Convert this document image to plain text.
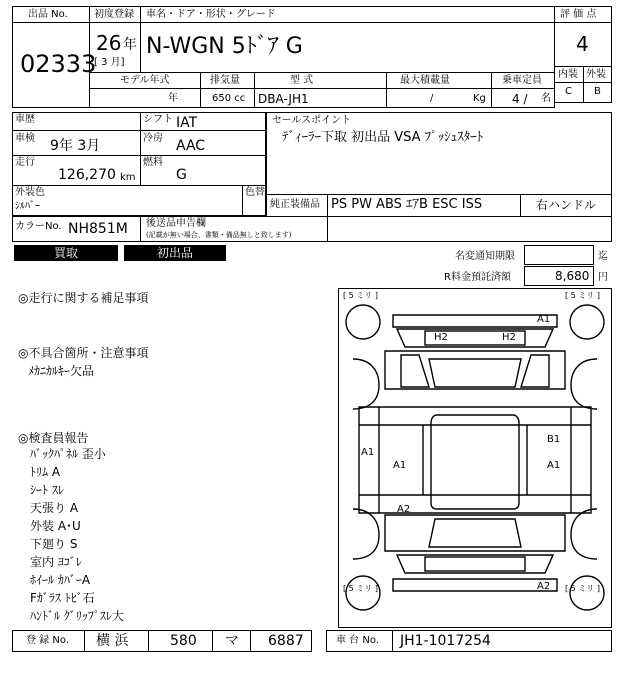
出品 No.
02333
初度登録 車名・ドア・形状・グレード
26 年
[ 3 月]
N-WGN 5ﾄﾞｱ G
評 価 点
4
内装 外装
C B
モデル年式
年
排気量
650 cc
型 式
DBA-JH1
最大積載量
/	Kg
乗車定員
4 / 名
車歴	シフト IAT
車検 9年 3月	冷房 AAC
走行
126,270 km
燃料
G
外装色
ｼﾙﾊﾞｰ
色替
カラーNo. NH851M 後送品申告欄
(記載が無い場合、書類・備品無しと致します)
セールスポイント
ﾃﾞｨｰﾗｰ下取 初出品 VSA ﾌﾟｯｼｭｽﾀｰﾄ
純正装備品 PS PW ABS ｴｱB ESC ISS	右ハンドル
買取	初出品	名変通知期限	迄
R料金預託済額	8,680 円
◎走行に関する補足事項
◎不具合箇所・注意事項
ﾒｶﾆｶﾙｷｰ欠品
◎検査員報告
ﾊﾞｯｸﾊﾟﾈﾙ 歪小
ﾄﾘﾑ A
ｼｰﾄ ｽﾚ
天張り A
外装 A･U
下廻り S
室内 ﾖｺﾞﾚ
ﾎｲｰﾙ ｶﾊﾞｰA
Fｶﾞﾗｽ ﾄﾋﾞ石
ﾊﾝﾄﾞﾙ ｸﾞﾘｯﾌﾟｽﾚ大
[ 5 ミリ ]	[ 5 ミリ ]
[ 5 ミリ ]	[ 5 ミリ ]
A1
H2	H2
A1
A1
B1
A1
A2
A2
登 録 No. 横 浜	580 マ 6887	車 台 No. JH1-1017254
